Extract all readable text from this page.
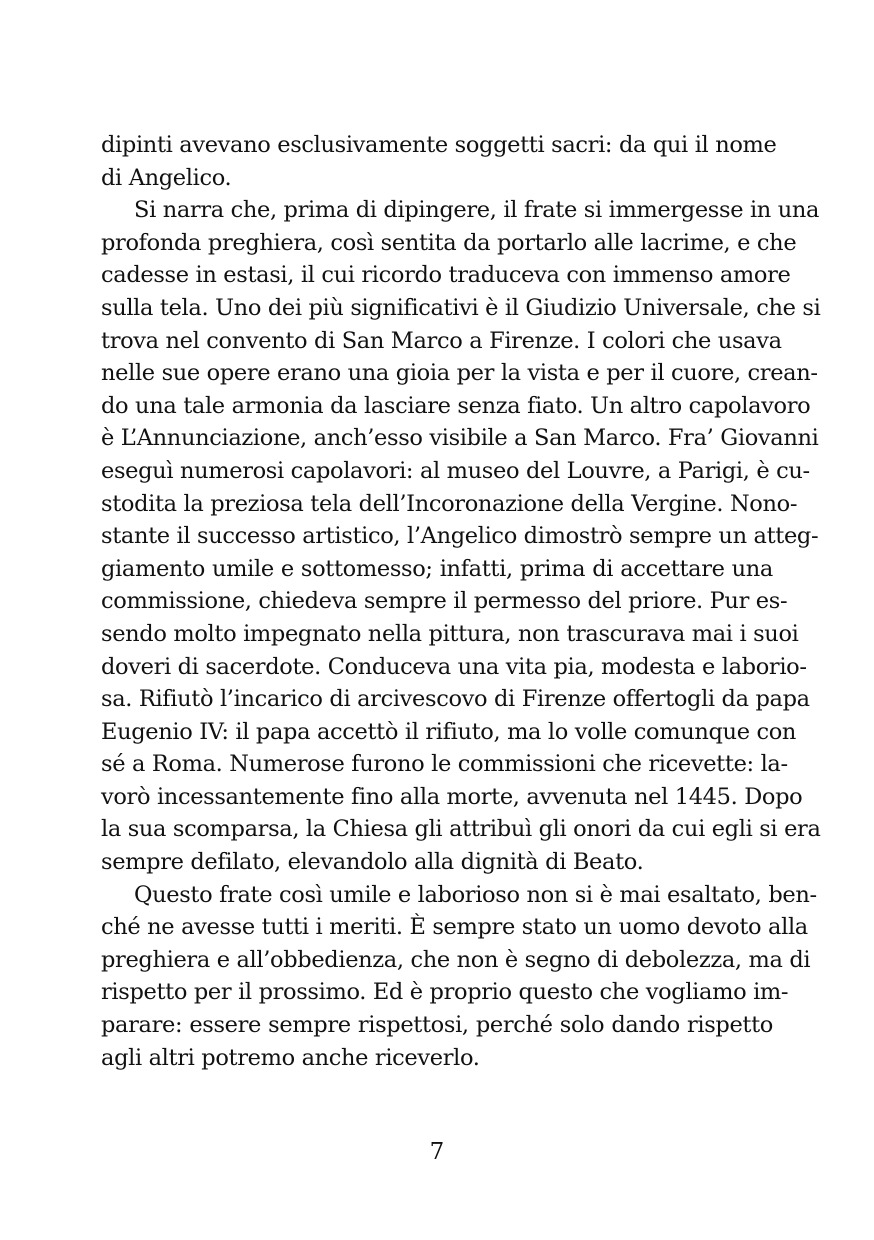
dipinti avevano esclusivamente soggetti sacri: da qui il nome
di Angelico.
Si narra che, prima di dipingere, il frate si immergesse in una
profonda preghiera, così sentita da portarlo alle lacrime, e che
cadesse in estasi, il cui ricordo traduceva con immenso amore
sulla tela. Uno dei più significativi è il Giudizio Universale, che si
trova nel convento di San Marco a Firenze. I colori che usava
nelle sue opere erano una gioia per la vista e per il cuore, crean-
do una tale armonia da lasciare senza fiato. Un altro capolavoro
è L’Annunciazione, anch’esso visibile a San Marco. Fra’ Giovanni
eseguì numerosi capolavori: al museo del Louvre, a Parigi, è cu-
stodita la preziosa tela dell’Incoronazione della Vergine. Nono-
stante il successo artistico, l’Angelico dimostrò sempre un atteg-
giamento umile e sottomesso; infatti, prima di accettare una
commissione, chiedeva sempre il permesso del priore. Pur es-
sendo molto impegnato nella pittura, non trascurava mai i suoi
doveri di sacerdote. Conduceva una vita pia, modesta e laborio-
sa. Rifiutò l’incarico di arcivescovo di Firenze offertogli da papa
Eugenio IV: il papa accettò il rifiuto, ma lo volle comunque con
sé a Roma. Numerose furono le commissioni che ricevette: la-
vorò incessantemente fino alla morte, avvenuta nel 1445. Dopo
la sua scomparsa, la Chiesa gli attribuì gli onori da cui egli si era
sempre defilato, elevandolo alla dignità di Beato.
Questo frate così umile e laborioso non si è mai esaltato, ben-
ché ne avesse tutti i meriti. È sempre stato un uomo devoto alla
preghiera e all’obbedienza, che non è segno di debolezza, ma di
rispetto per il prossimo. Ed è proprio questo che vogliamo im-
parare: essere sempre rispettosi, perché solo dando rispetto
agli altri potremo anche riceverlo.
7
